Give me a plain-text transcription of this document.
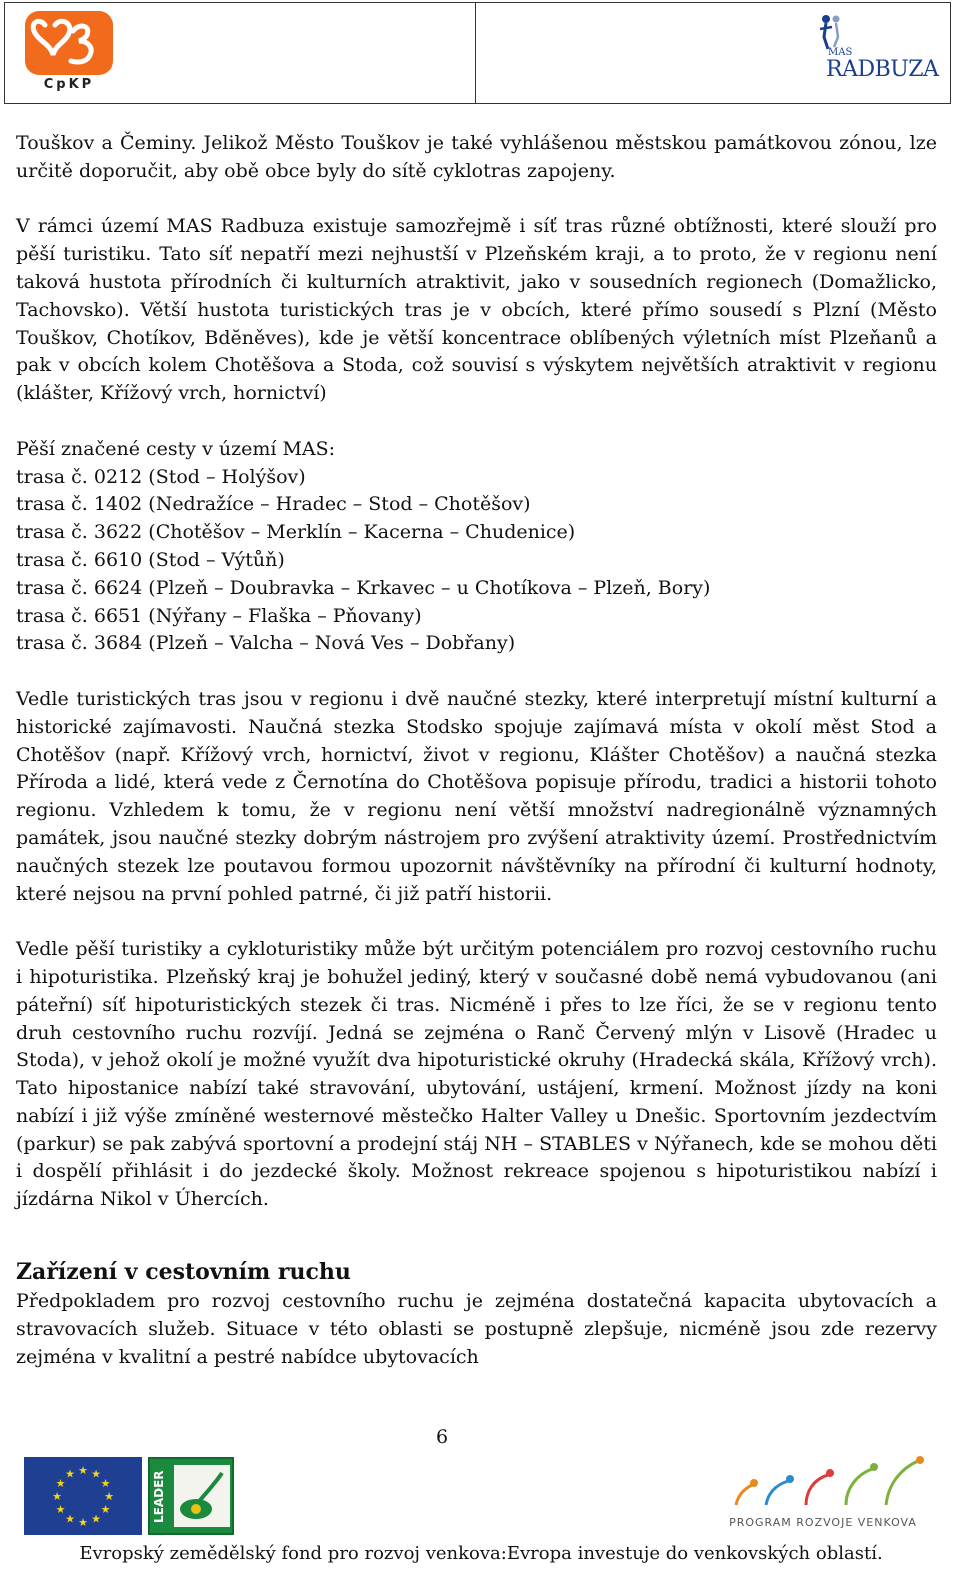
CpKP
MAS
RADBUZA

Touškov a Čeminy. Jelikož Město Touškov je také vyhlášenou městskou památkovou zónou, lze určitě doporučit, aby obě obce byly do sítě cyklotras zapojeny.

V rámci území MAS Radbuza existuje samozřejmě i síť tras různé obtížnosti, které slouží pro pěší turistiku. Tato síť nepatří mezi nejhustší v Plzeňském kraji, a to proto, že v regionu není taková hustota přírodních či kulturních atraktivit, jako v sousedních regionech (Domažlicko, Tachovsko). Větší hustota turistických tras je v obcích, které přímo sousedí s Plzní (Město Touškov, Chotíkov, Bdĕněves), kde je větší koncentrace oblíbených výletních míst Plzeňanů a pak v obcích kolem Chotěšova a Stoda, což souvisí s výskytem největších atraktivit v regionu (klášter, Křížový vrch, hornictví)

Pěší značené cesty v území MAS:
trasa č. 0212 (Stod – Holýšov)
trasa č. 1402 (Nedražíce – Hradec – Stod – Chotěšov)
trasa č. 3622 (Chotěšov – Merklín – Kacerna – Chudenice)
trasa č. 6610 (Stod – Výtůň)
trasa č. 6624 (Plzeň – Doubravka – Krkavec – u Chotíkova – Plzeň, Bory)
trasa č. 6651 (Nýřany – Flaška – Pňovany)
trasa č. 3684 (Plzeň – Valcha – Nová Ves – Dobřany)

Vedle turistických tras jsou v regionu i dvě naučné stezky, které interpretují místní kulturní a historické zajímavosti. Naučná stezka Stodsko spojuje zajímavá místa v okolí měst Stod a Chotěšov (např. Křížový vrch, hornictví, život v regionu, Klášter Chotěšov) a naučná stezka Příroda a lidé, která vede z Černotína do Chotěšova popisuje přírodu, tradici a historii tohoto regionu. Vzhledem k tomu, že v regionu není větší množství nadregionálně významných památek, jsou naučné stezky dobrým nástrojem pro zvýšení atraktivity území. Prostřednictvím naučných stezek lze poutavou formou upozornit návštěvníky na přírodní či kulturní hodnoty, které nejsou na první pohled patrné, či již patří historii.

Vedle pěší turistiky a cykloturistiky může být určitým potenciálem pro rozvoj cestovního ruchu i hipoturistika. Plzeňský kraj je bohužel jediný, který v současné době nemá vybudovanou (ani páteřní) síť hipoturistických stezek či tras. Nicméně i přes to lze říci, že se v regionu tento druh cestovního ruchu rozvíjí. Jedná se zejména o Ranč Červený mlýn v Lisově (Hradec u Stoda), v jehož okolí je možné využít dva hipoturistické okruhy (Hradecká skála, Křížový vrch). Tato hipostanice nabízí také stravování, ubytování, ustájení, krmení. Možnost jízdy na koni nabízí i již výše zmíněné westernové městečko Halter Valley u Dnešic. Sportovním jezdectvím (parkur) se pak zabývá sportovní a prodejní stáj NH – STABLES v Nýřanech, kde se mohou děti i dospělí přihlásit i do jezdecké školy. Možnost rekreace spojenou s hipoturistikou nabízí i jízdárna Nikol v Úhercích.

Zařízení v cestovním ruchu

Předpokladem pro rozvoj cestovního ruchu je zejména dostatečná kapacita ubytovacích a stravovacích služeb. Situace v této oblasti se postupně zlepšuje, nicméně jsou zde rezervy zejména v kvalitní a pestré nabídce ubytovacích

6
★ ★
★
★
★
★
★
★
★
★
★
★	LEADER	PROGRAM ROZVOJE VENKOVA
Evropský zemědělský fond pro rozvoj venkova:Evropa investuje do venkovských oblastí.
